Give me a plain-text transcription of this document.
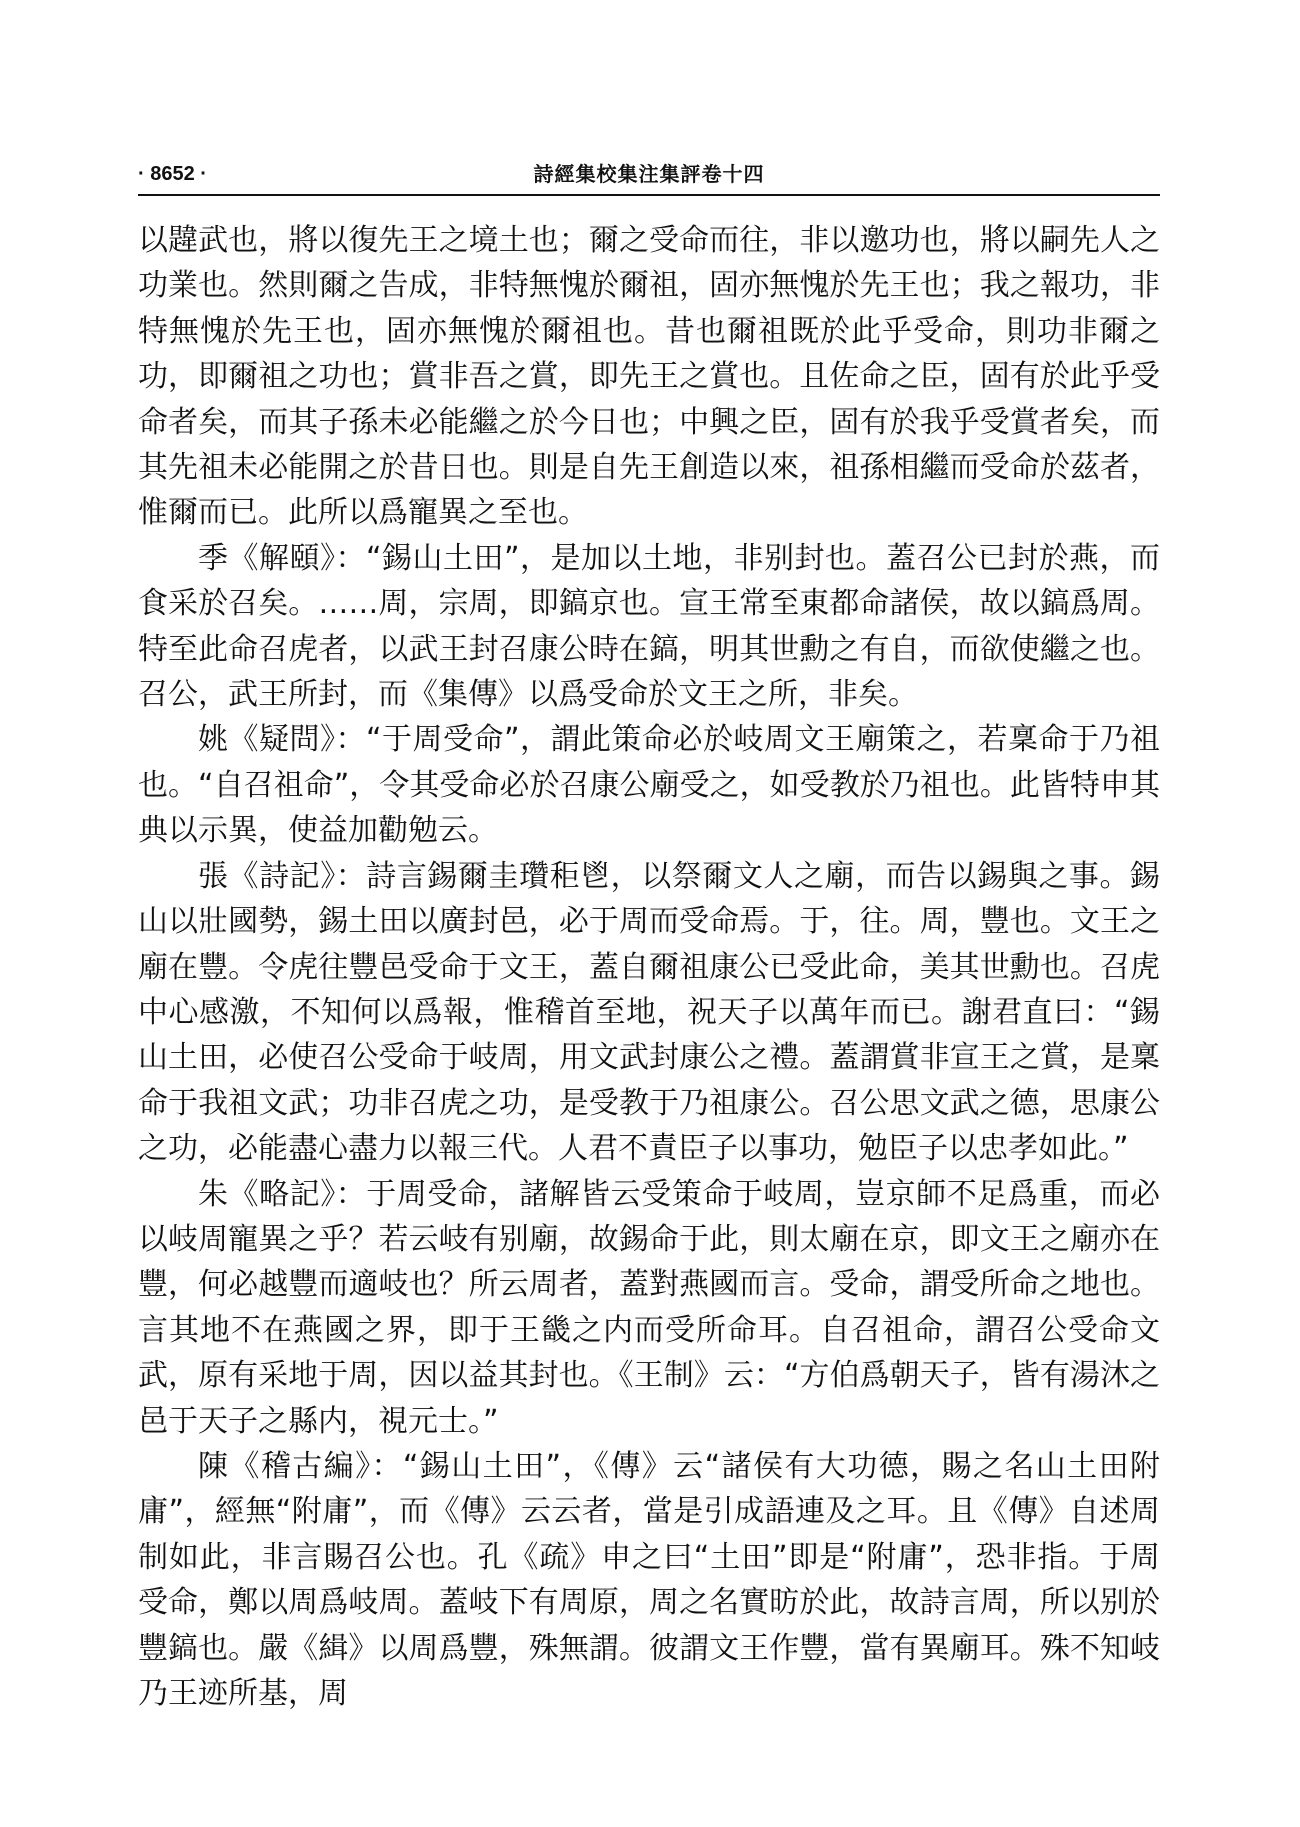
· 8652 ·	詩經集校集注集評卷十四

以韙武也，將以復先王之境土也；爾之受命而往，非以邀功也，將以嗣先人之功業也。然則爾之告成，非特無愧於爾祖，固亦無愧於先王也；我之報功，非特無愧於先王也，固亦無愧於爾祖也。昔也爾祖既於此乎受命，則功非爾之功，即爾祖之功也；賞非吾之賞，即先王之賞也。且佐命之臣，固有於此乎受命者矣，而其子孫未必能繼之於今日也；中興之臣，固有於我乎受賞者矣，而其先祖未必能開之於昔日也。則是自先王創造以來，祖孫相繼而受命於茲者，惟爾而已。此所以爲寵異之至也。

季《解頤》：“錫山土田”，是加以土地，非别封也。蓋召公已封於燕，而食采於召矣。……周，宗周，即鎬京也。宣王常至東都命諸侯，故以鎬爲周。特至此命召虎者，以武王封召康公時在鎬，明其世勳之有自，而欲使繼之也。召公，武王所封，而《集傳》以爲受命於文王之所，非矣。

姚《疑問》：“于周受命”，謂此策命必於岐周文王廟策之，若稟命于乃祖也。“自召祖命”，令其受命必於召康公廟受之，如受教於乃祖也。此皆特申其典以示異，使益加勸勉云。

張《詩記》：詩言錫爾圭瓚秬鬯，以祭爾文人之廟，而告以錫與之事。錫山以壯國勢，錫土田以廣封邑，必于周而受命焉。于，往。周，豐也。文王之廟在豐。令虎往豐邑受命于文王，蓋自爾祖康公已受此命，美其世勳也。召虎中心感激，不知何以爲報，惟稽首至地，祝天子以萬年而已。謝君直曰：“錫山土田，必使召公受命于岐周，用文武封康公之禮。蓋謂賞非宣王之賞，是稟命于我祖文武；功非召虎之功，是受教于乃祖康公。召公思文武之德，思康公之功，必能盡心盡力以報三代。人君不責臣子以事功，勉臣子以忠孝如此。”

朱《略記》：于周受命，諸解皆云受策命于岐周，豈京師不足爲重，而必以岐周寵異之乎？若云岐有别廟，故錫命于此，則太廟在京，即文王之廟亦在豐，何必越豐而適岐也？所云周者，蓋對燕國而言。受命，謂受所命之地也。言其地不在燕國之界，即于王畿之内而受所命耳。自召祖命，謂召公受命文武，原有采地于周，因以益其封也。《王制》云：“方伯爲朝天子，皆有湯沐之邑于天子之縣内，視元士。”

陳《稽古編》：“錫山土田”，《傳》云“諸侯有大功德，賜之名山土田附庸”，經無“附庸”，而《傳》云云者，當是引成語連及之耳。且《傳》自述周制如此，非言賜召公也。孔《疏》申之曰“土田”即是“附庸”，恐非指。于周受命，鄭以周爲岐周。蓋岐下有周原，周之名實昉於此，故詩言周，所以别於豐鎬也。嚴《緝》以周爲豐，殊無謂。彼謂文王作豐，當有異廟耳。殊不知岐乃王迹所基，周
